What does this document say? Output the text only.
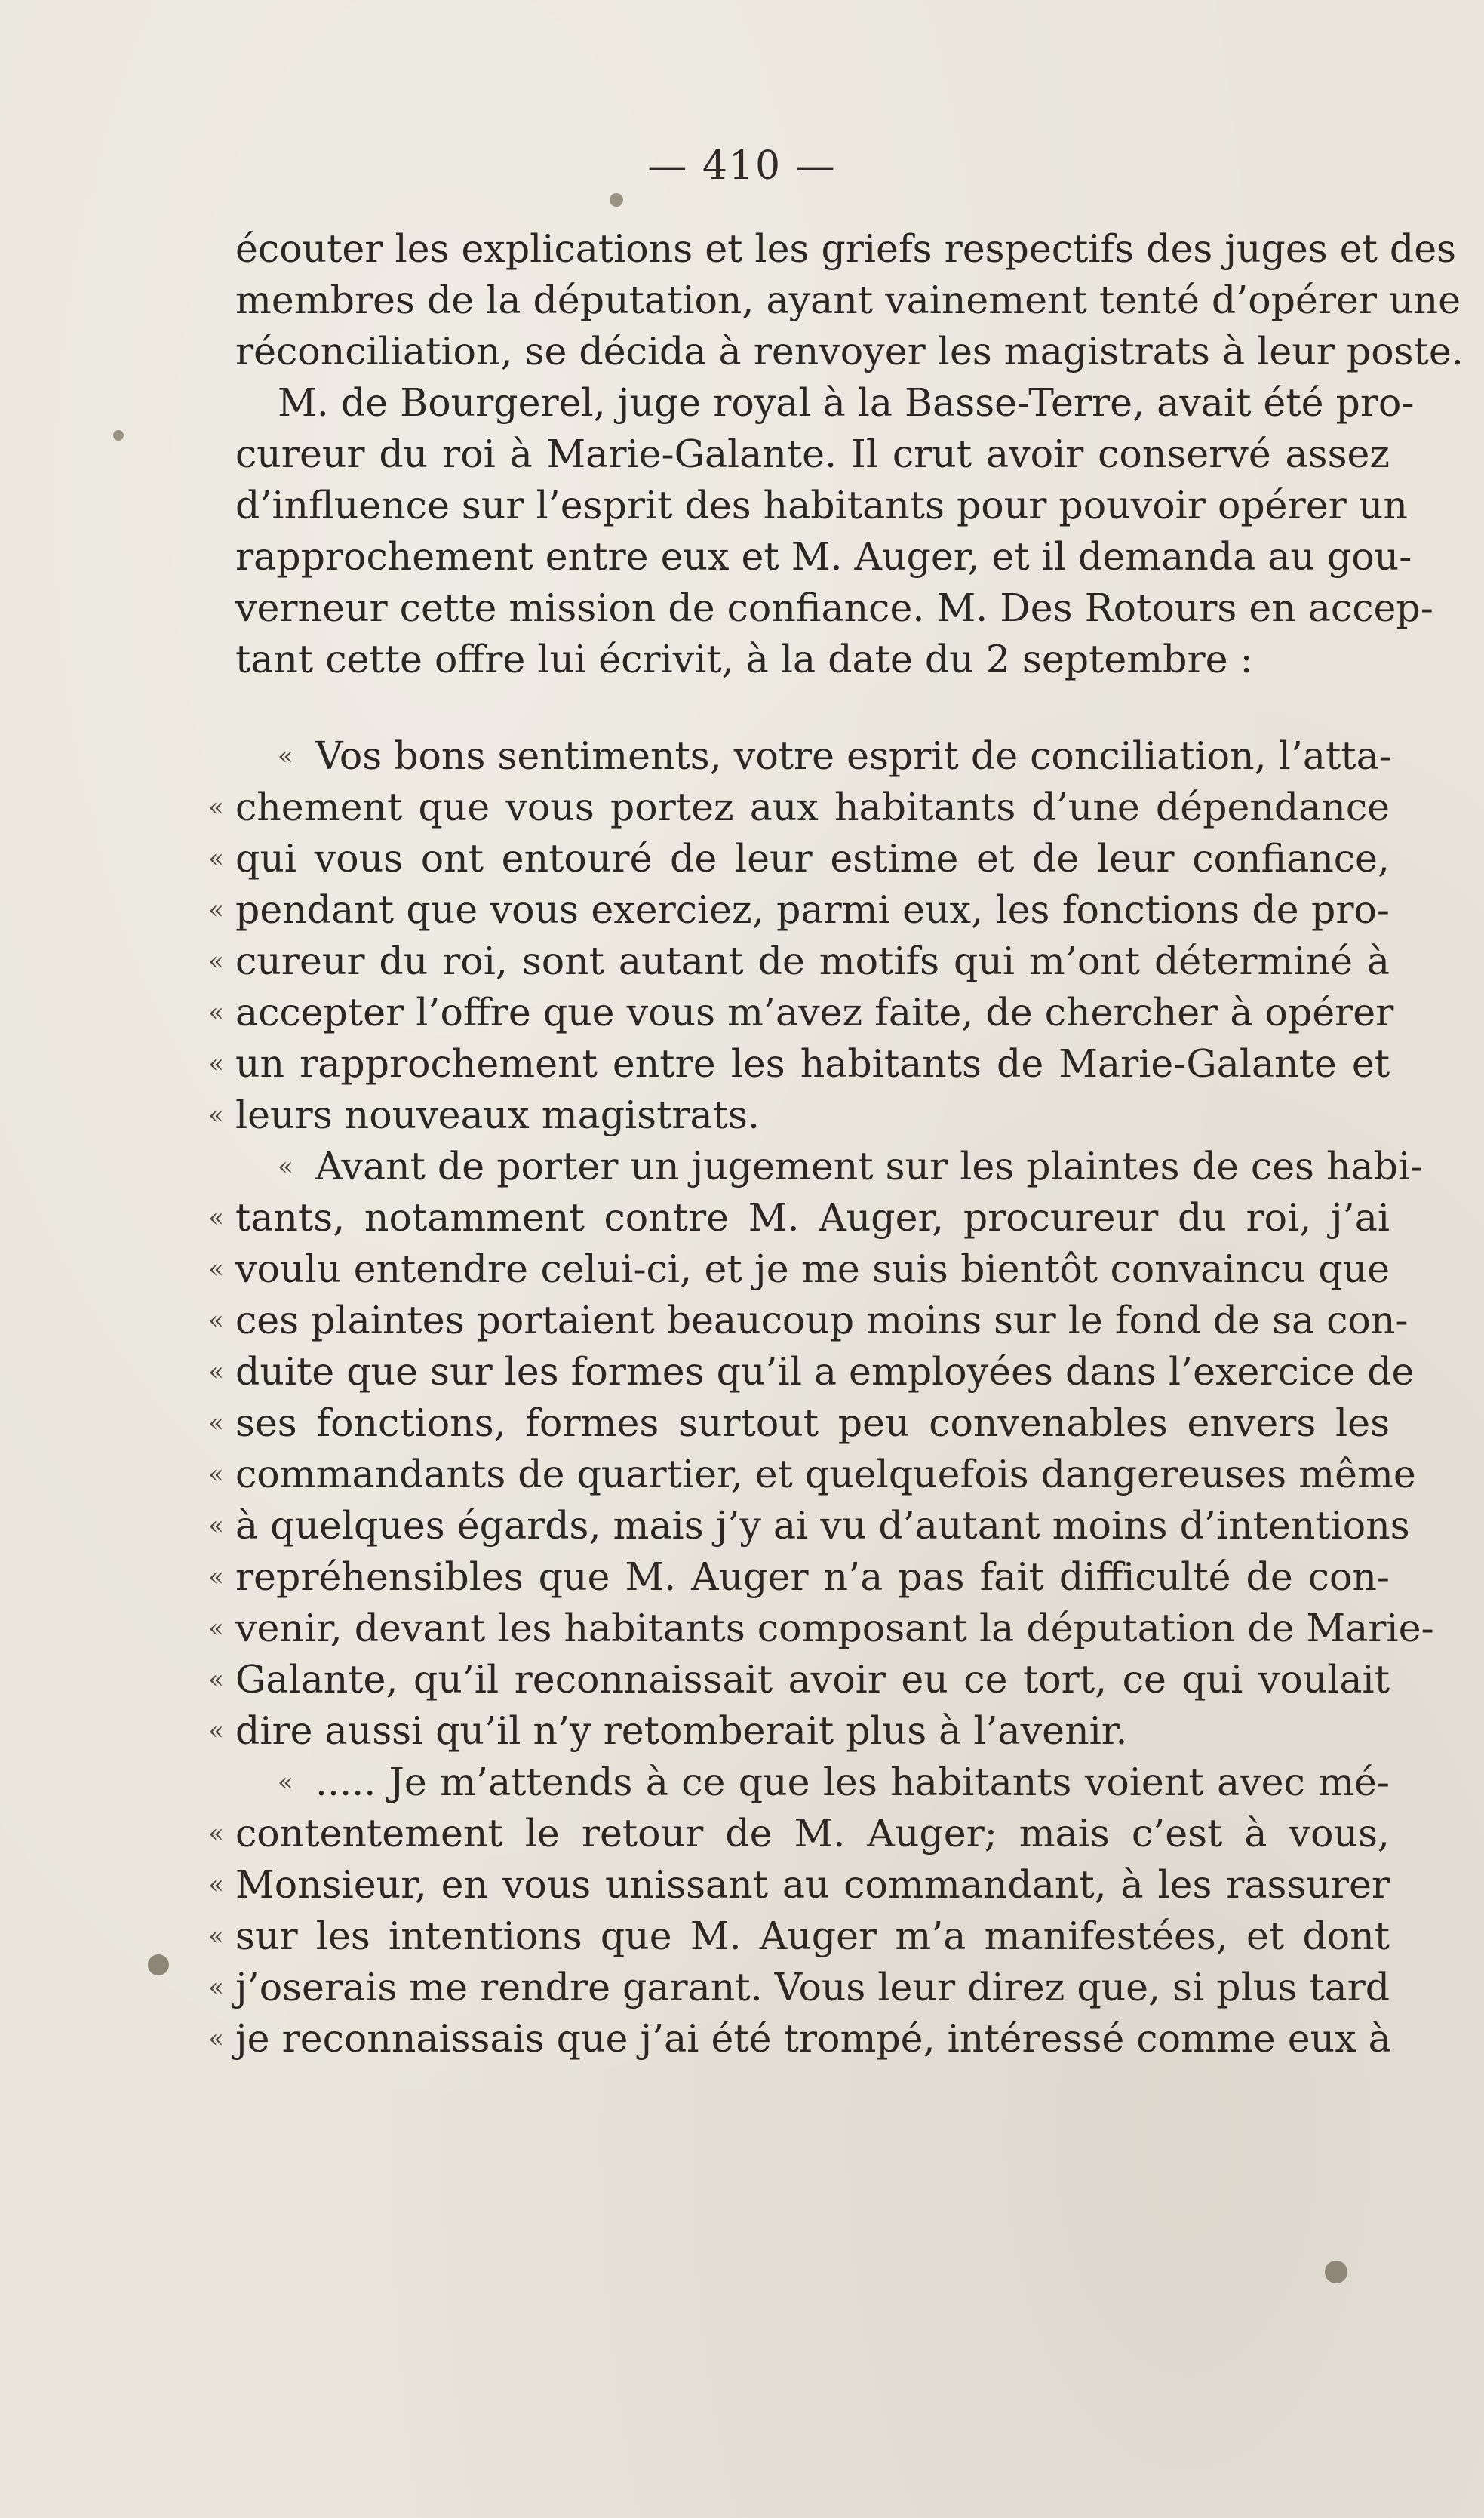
— 410 —
écouter les explications et les griefs respectifs des juges et des
membres de la députation, ayant vainement tenté d’opérer une
réconciliation, se décida à renvoyer les magistrats à leur poste.
M. de Bourgerel, juge royal à la Basse-Terre, avait été pro-
cureur du roi à Marie-Galante. Il crut avoir conservé assez
d’influence sur l’esprit des habitants pour pouvoir opérer un
rapprochement entre eux et M. Auger, et il demanda au gou-
verneur cette mission de confiance. M. Des Rotours en accep-
tant cette offre lui écrivit, à la date du 2 septembre :
« Vos bons sentiments, votre esprit de conciliation, l’atta-
« chement que vous portez aux habitants d’une dépendance
« qui vous ont entouré de leur estime et de leur confiance,
« pendant que vous exerciez, parmi eux, les fonctions de pro-
« cureur du roi, sont autant de motifs qui m’ont déterminé à
« accepter l’offre que vous m’avez faite, de chercher à opérer
« un rapprochement entre les habitants de Marie-Galante et
« leurs nouveaux magistrats.
« Avant de porter un jugement sur les plaintes de ces habi-
« tants, notamment contre M. Auger, procureur du roi, j’ai
« voulu entendre celui-ci, et je me suis bientôt convaincu que
« ces plaintes portaient beaucoup moins sur le fond de sa con-
« duite que sur les formes qu’il a employées dans l’exercice de
« ses fonctions, formes surtout peu convenables envers les
« commandants de quartier, et quelquefois dangereuses même
« à quelques égards, mais j’y ai vu d’autant moins d’intentions
« repréhensibles que M. Auger n’a pas fait difficulté de con-
« venir, devant les habitants composant la députation de Marie-
« Galante, qu’il reconnaissait avoir eu ce tort, ce qui voulait
« dire aussi qu’il n’y retomberait plus à l’avenir.
« ..... Je m’attends à ce que les habitants voient avec mé-
« contentement le retour de M. Auger; mais c’est à vous,
« Monsieur, en vous unissant au commandant, à les rassurer
« sur les intentions que M. Auger m’a manifestées, et dont
« j’oserais me rendre garant. Vous leur direz que, si plus tard
« je reconnaissais que j’ai été trompé, intéressé comme eux à
